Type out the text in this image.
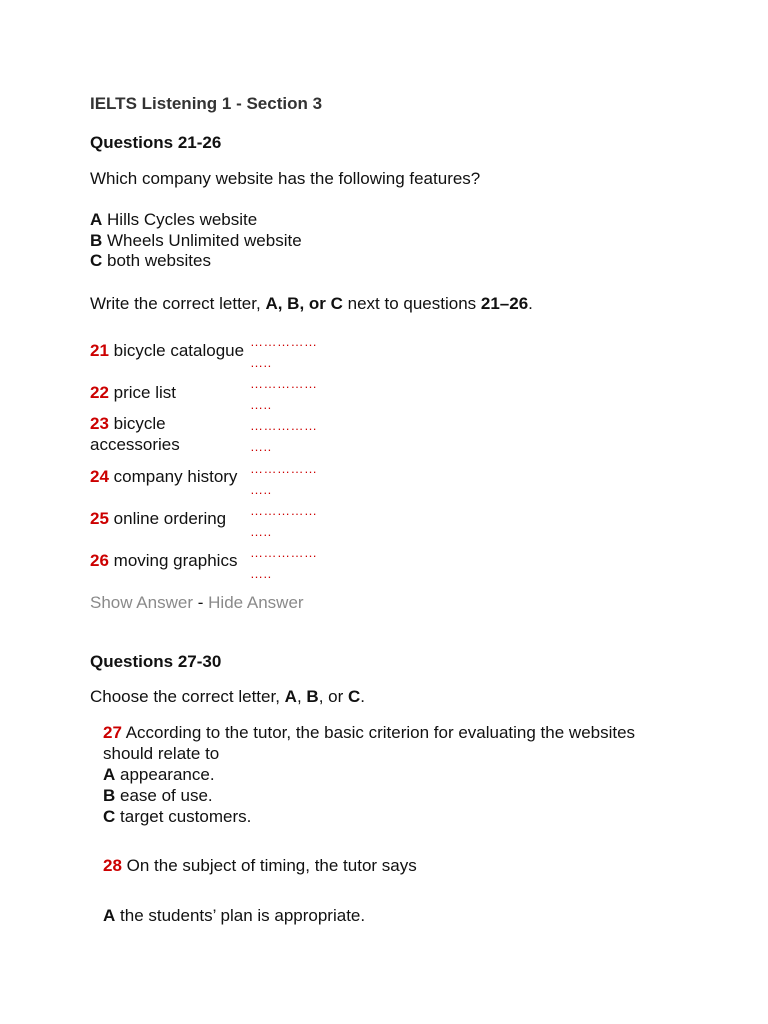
IELTS Listening 1 - Section 3
Questions 21-26
Which company website has the following features?
A Hills Cycles website
B Wheels Unlimited website
C both websites
Write the correct letter, A, B, or C next to questions 21–26.
21 bicycle catalogue ……………
…..
22 price list	……………
…..
23 bicycle
accessories
……………
…..
24 company history ……………
…..
25 online ordering ……………
…..
26 moving graphics ……………
…..
Show Answer - Hide Answer
Questions 27-30
Choose the correct letter, A, B, or C.
27 According to the tutor, the basic criterion for evaluating the websites
should relate to
A appearance.
B ease of use.
C target customers.
28 On the subject of timing, the tutor says
A the students’ plan is appropriate.
